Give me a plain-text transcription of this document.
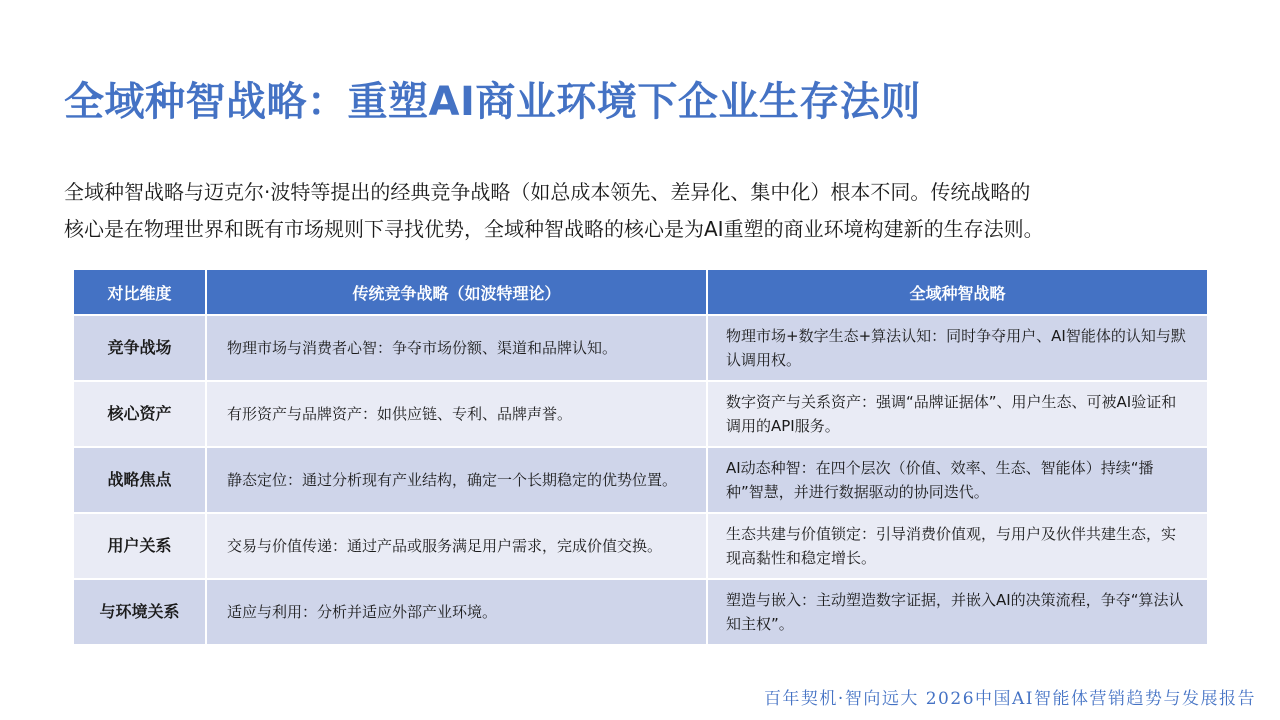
全域种智战略：重塑AI商业环境下企业生存法则

全域种智战略与迈克尔·波特等提出的经典竞争战略（如总成本领先、差异化、集中化）根本不同。传统战略的

核心是在物理世界和既有市场规则下寻找优势，全域种智战略的核心是为AI重塑的商业环境构建新的生存法则。

对比维度	传统竞争战略（如波特理论）	全域种智战略
竞争战场	物理市场与消费者心智：争夺市场份额、渠道和品牌认知。	物理市场+数字生态+算法认知：同时争夺用户、AI智能体的认知与默认调用权。
核心资产	有形资产与品牌资产：如供应链、专利、品牌声誉。	数字资产与关系资产：强调“品牌证据体”、用户生态、可被AI验证和调用的API服务。
战略焦点	静态定位：通过分析现有产业结构，确定一个长期稳定的优势位置。	AI动态种智：在四个层次（价值、效率、生态、智能体）持续“播种”智慧，并进行数据驱动的协同迭代。
用户关系	交易与价值传递：通过产品或服务满足用户需求，完成价值交换。	生态共建与价值锁定：引导消费价值观，与用户及伙伴共建生态，实现高黏性和稳定增长。
与环境关系	适应与利用：分析并适应外部产业环境。	塑造与嵌入：主动塑造数字证据，并嵌入AI的决策流程，争夺“算法认知主权”。
百年契机·智向远大 2026中国AI智能体营销趋势与发展报告
